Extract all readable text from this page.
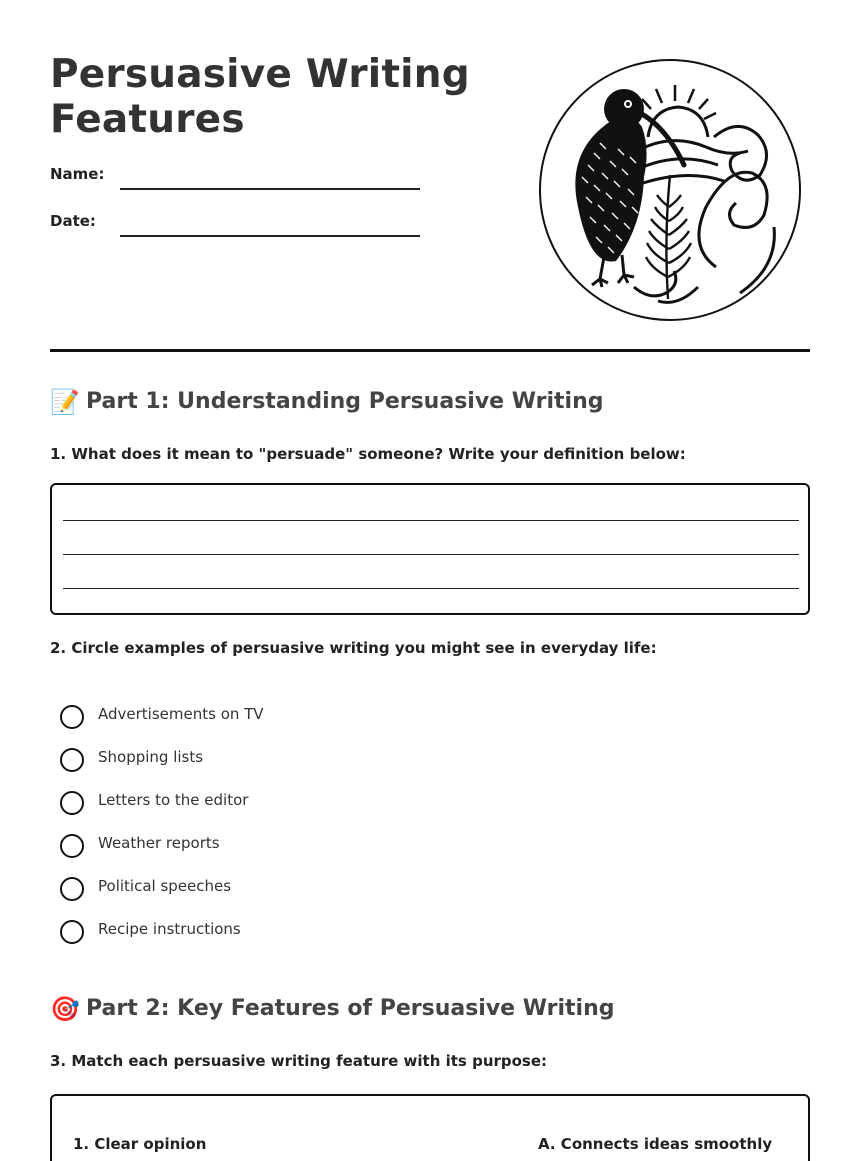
Persuasive Writing
Features
Name:
Date:
📝 Part 1: Understanding Persuasive Writing
1. What does it mean to "persuade" someone? Write your definition below:
2. Circle examples of persuasive writing you might see in everyday life:
Advertisements on TV
Shopping lists
Letters to the editor
Weather reports
Political speeches
Recipe instructions
🎯 Part 2: Key Features of Persuasive Writing
3. Match each persuasive writing feature with its purpose:
1. Clear opinion	A. Connects ideas smoothly
